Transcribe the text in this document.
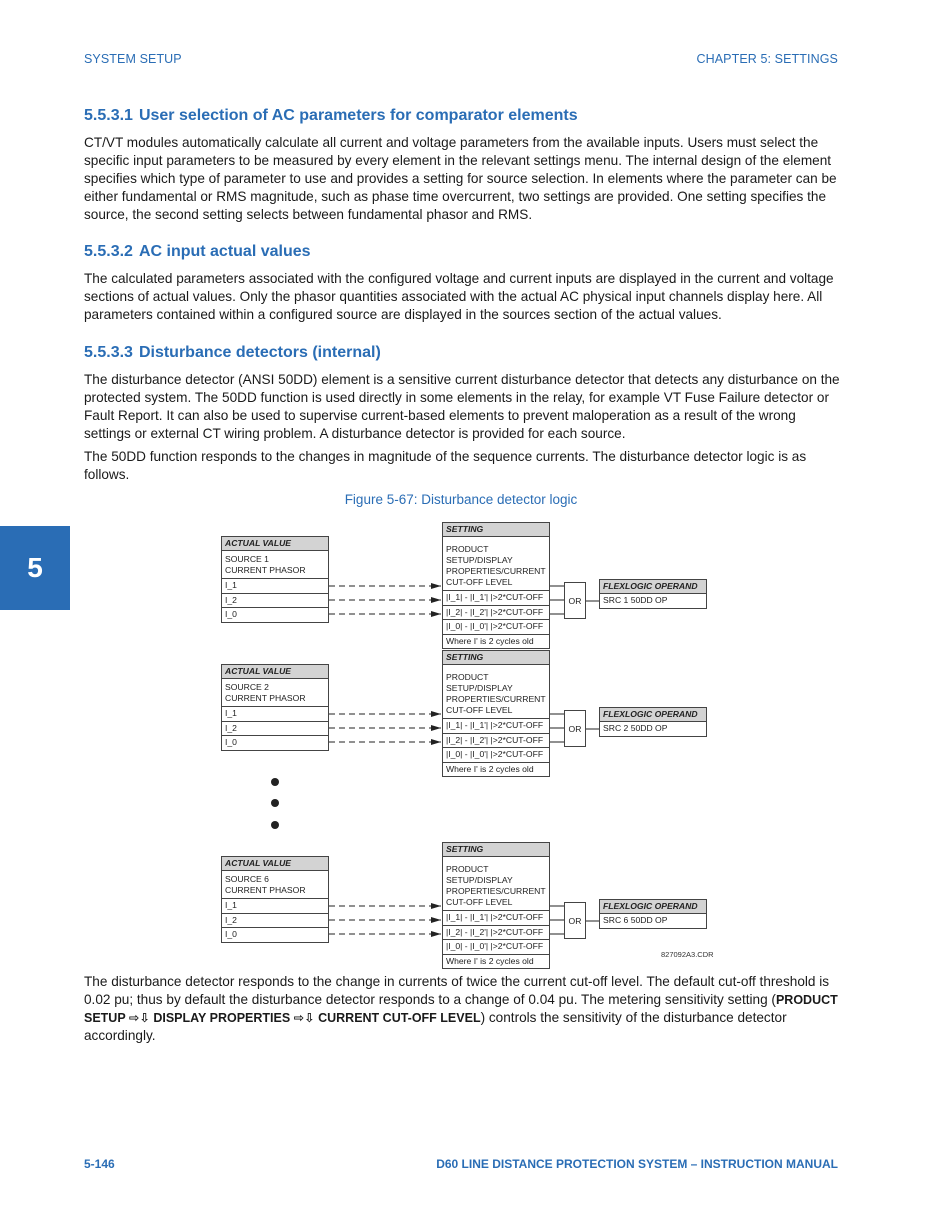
SYSTEM SETUP	CHAPTER 5: SETTINGS
5
5.5.3.1 User selection of AC parameters for comparator elements

CT/VT modules automatically calculate all current and voltage parameters from the available inputs. Users must select the specific input parameters to be measured by every element in the relevant settings menu. The internal design of the element specifies which type of parameter to use and provides a setting for source selection. In elements where the parameter can be either fundamental or RMS magnitude, such as phase time overcurrent, two settings are provided. One setting specifies the source, the second setting selects between fundamental phasor and RMS.

5.5.3.2 AC input actual values

The calculated parameters associated with the configured voltage and current inputs are displayed in the current and voltage sections of actual values. Only the phasor quantities associated with the actual AC physical input channels display here. All parameters contained within a configured source are displayed in the sources section of the actual values.

5.5.3.3 Disturbance detectors (internal)

The disturbance detector (ANSI 50DD) element is a sensitive current disturbance detector that detects any disturbance on the protected system. The 50DD function is used directly in some elements in the relay, for example VT Fuse Failure detector or Fault Report. It can also be used to supervise current-based elements to prevent maloperation as a result of the wrong settings or external CT wiring problem. A disturbance detector is provided for each source.

The 50DD function responds to the changes in magnitude of the sequence currents. The disturbance detector logic is as follows.

Figure 5-67: Disturbance detector logic
ACTUAL VALUE
SOURCE 1
CURRENT PHASOR
I_1
I_2
I_0
SETTING
PRODUCT SETUP/DISPLAY
PROPERTIES/CURRENT
CUT-OFF LEVEL
|I_1| - |I_1'| |>2*CUT-OFF
|I_2| - |I_2'| |>2*CUT-OFF
|I_0| - |I_0'| |>2*CUT-OFF
Where I' is 2 cycles old
OR
FLEXLOGIC OPERAND
SRC 1 50DD OP
ACTUAL VALUE
SOURCE 2
CURRENT PHASOR
I_1
I_2
I_0
SETTING
PRODUCT SETUP/DISPLAY
PROPERTIES/CURRENT
CUT-OFF LEVEL
|I_1| - |I_1'| |>2*CUT-OFF
|I_2| - |I_2'| |>2*CUT-OFF
|I_0| - |I_0'| |>2*CUT-OFF
Where I' is 2 cycles old
OR
FLEXLOGIC OPERAND
SRC 2 50DD OP
ACTUAL VALUE
SOURCE 6
CURRENT PHASOR
I_1
I_2
I_0
SETTING
PRODUCT SETUP/DISPLAY
PROPERTIES/CURRENT
CUT-OFF LEVEL
|I_1| - |I_1'| |>2*CUT-OFF
|I_2| - |I_2'| |>2*CUT-OFF
|I_0| - |I_0'| |>2*CUT-OFF
Where I' is 2 cycles old
OR
FLEXLOGIC OPERAND
SRC 6 50DD OP
827092A3.CDR

The disturbance detector responds to the change in currents of twice the current cut-off level. The default cut-off threshold is 0.02 pu; thus by default the disturbance detector responds to a change of 0.04 pu. The metering sensitivity setting (PRODUCT SETUP ⇨⇩ DISPLAY PROPERTIES ⇨⇩ CURRENT CUT-OFF LEVEL) controls the sensitivity of the disturbance detector accordingly.

5-146	D60 LINE DISTANCE PROTECTION SYSTEM – INSTRUCTION MANUAL
